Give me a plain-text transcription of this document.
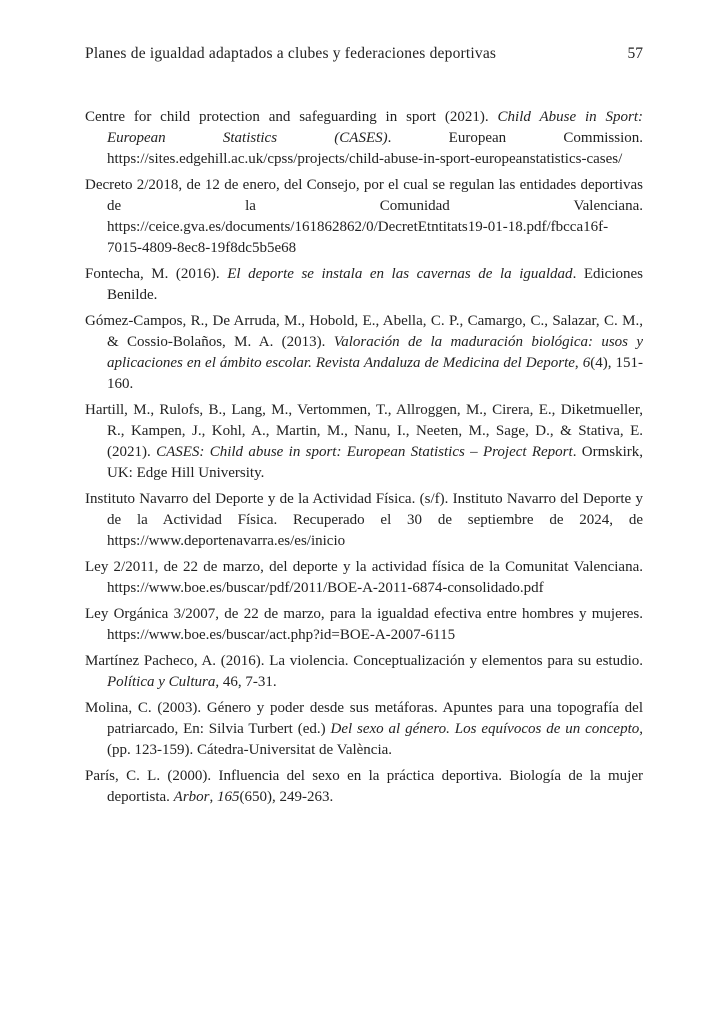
Planes de igualdad adaptados a clubes y federaciones deportivas	57

Centre for child protection and safeguarding in sport (2021). Child Abuse in Sport: European Statistics (CASES). European Commission. https://sites.edgehill.ac.uk/cpss/projects/child-abuse-in-sport-europeanstatistics-cases/

Decreto 2/2018, de 12 de enero, del Consejo, por el cual se regulan las entidades deportivas de la Comunidad Valenciana. https://ceice.gva.es/documents/161862862/0/DecretEtntitats19-01-18.pdf/fbcca16f-7015-4809-8ec8-19f8dc5b5e68

Fontecha, M. (2016). El deporte se instala en las cavernas de la igualdad. Ediciones Benilde.

Gómez-Campos, R., De Arruda, M., Hobold, E., Abella, C. P., Camargo, C., Salazar, C. M., & Cossio-Bolaños, M. A. (2013). Valoración de la maduración biológica: usos y aplicaciones en el ámbito escolar. Revista Andaluza de Medicina del Deporte, 6(4), 151-160.

Hartill, M., Rulofs, B., Lang, M., Vertommen, T., Allroggen, M., Cirera, E., Diketmueller, R., Kampen, J., Kohl, A., Martin, M., Nanu, I., Neeten, M., Sage, D., & Stativa, E. (2021). CASES: Child abuse in sport: European Statistics – Project Report. Ormskirk, UK: Edge Hill University.

Instituto Navarro del Deporte y de la Actividad Física. (s/f). Instituto Navarro del Deporte y de la Actividad Física. Recuperado el 30 de septiembre de 2024, de https://www.deportenavarra.es/es/inicio

Ley 2/2011, de 22 de marzo, del deporte y la actividad física de la Comunitat Valenciana. https://www.boe.es/buscar/pdf/2011/BOE-A-2011-6874-consolidado.pdf

Ley Orgánica 3/2007, de 22 de marzo, para la igualdad efectiva entre hombres y mujeres. https://www.boe.es/buscar/act.php?id=BOE-A-2007-6115

Martínez Pacheco, A. (2016). La violencia. Conceptualización y elementos para su estudio. Política y Cultura, 46, 7-31.

Molina, C. (2003). Género y poder desde sus metáforas. Apuntes para una topografía del patriarcado, En: Silvia Turbert (ed.) Del sexo al género. Los equívocos de un concepto, (pp. 123-159). Cátedra-Universitat de València.

París, C. L. (2000). Influencia del sexo en la práctica deportiva. Biología de la mujer deportista. Arbor, 165(650), 249-263.
